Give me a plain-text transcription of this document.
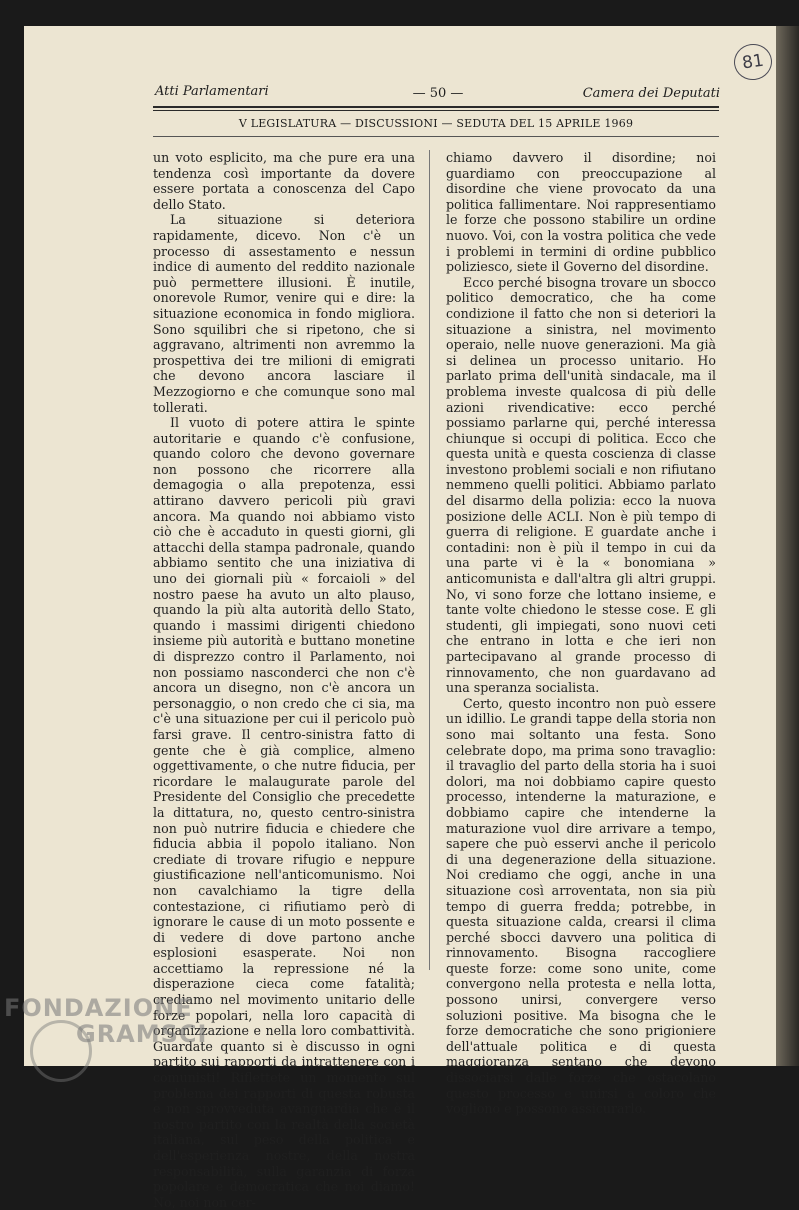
81
Atti Parlamentari	— 50 —	Camera dei Deputati
V LEGISLATURA — DISCUSSIONI — SEDUTA DEL 15 APRILE 1969

un voto esplicito, ma che pure era una tendenza così importante da dovere essere portata a conoscenza del Capo dello Stato.

La situazione si deteriora rapidamente, dicevo. Non c'è un processo di assestamento e nessun indice di aumento del reddito nazionale può permettere illusioni. È inutile, onorevole Rumor, venire qui e dire: la situazione economica in fondo migliora. Sono squilibri che si ripetono, che si aggravano, altrimenti non avremmo la prospettiva dei tre milioni di emigrati che devono ancora lasciare il Mezzogiorno e che comunque sono mal tollerati.

Il vuoto di potere attira le spinte autoritarie e quando c'è confusione, quando coloro che devono governare non possono che ricorrere alla demagogia o alla prepotenza, essi attirano davvero pericoli più gravi ancora. Ma quando noi abbiamo visto ciò che è accaduto in questi giorni, gli attacchi della stampa padronale, quando abbiamo sentito che una iniziativa di uno dei giornali più « forcaioli » del nostro paese ha avuto un alto plauso, quando la più alta autorità dello Stato, quando i massimi dirigenti chiedono insieme più autorità e buttano monetine di disprezzo contro il Parlamento, noi non possiamo nasconderci che non c'è ancora un disegno, non c'è ancora un personaggio, o non credo che ci sia, ma c'è una situazione per cui il pericolo può farsi grave. Il centro-sinistra fatto di gente che è già complice, almeno oggettivamente, o che nutre fiducia, per ricordare le malaugurate parole del Presidente del Consiglio che precedette la dittatura, no, questo centro-sinistra non può nutrire fiducia e chiedere che fiducia abbia il popolo italiano. Non crediate di trovare rifugio e neppure giustificazione nell'anticomunismo. Noi non cavalchiamo la tigre della contestazione, ci rifiutiamo però di ignorare le cause di un moto possente e di vedere di dove partono anche esplosioni esasperate. Noi non accettiamo la repressione né la disperazione cieca come fatalità; crediamo nel movimento unitario delle forze popolari, nella loro capacità di organizzazione e nella loro combattività. Guardate quanto si è discusso in ogni partito sui rapporti da intrattenere con i comunisti! Riflettete un momento sul problema dei rapporti di questa robusta e non sprovveduta avanguardia che è il nostro partito con la realtà della società italiana, sul peso della politica e dell'esperienza nostre, della nostra responsabilità, sulla garanzia di forza popolare e democratica che noi diamo! No, noi non cer-

chiamo davvero il disordine; noi guardiamo con preoccupazione al disordine che viene provocato da una politica fallimentare. Noi rappresentiamo le forze che possono stabilire un ordine nuovo. Voi, con la vostra politica che vede i problemi in termini di ordine pubblico poliziesco, siete il Governo del disordine.

Ecco perché bisogna trovare un sbocco politico democratico, che ha come condizione il fatto che non si deteriori la situazione a sinistra, nel movimento operaio, nelle nuove generazioni. Ma già si delinea un processo unitario. Ho parlato prima dell'unità sindacale, ma il problema investe qualcosa di più delle azioni rivendicative: ecco perché possiamo parlarne qui, perché interessa chiunque si occupi di politica. Ecco che questa unità e questa coscienza di classe investono problemi sociali e non rifiutano nemmeno quelli politici. Abbiamo parlato del disarmo della polizia: ecco la nuova posizione delle ACLI. Non è più tempo di guerra di religione. E guardate anche i contadini: non è più il tempo in cui da una parte vi è la « bonomiana » anticomunista e dall'altra gli altri gruppi. No, vi sono forze che lottano insieme, e tante volte chiedono le stesse cose. E gli studenti, gli impiegati, sono nuovi ceti che entrano in lotta e che ieri non partecipavano al grande processo di rinnovamento, che non guardavano ad una speranza socialista.

Certo, questo incontro non può essere un idillio. Le grandi tappe della storia non sono mai soltanto una festa. Sono celebrate dopo, ma prima sono travaglio: il travaglio del parto della storia ha i suoi dolori, ma noi dobbiamo capire questo processo, intenderne la maturazione, e dobbiamo capire che intenderne la maturazione vuol dire arrivare a tempo, sapere che può esservi anche il pericolo di una degenerazione della situazione. Noi crediamo che oggi, anche in una situazione così arroventata, non sia più tempo di guerra fredda; potrebbe, in questa situazione calda, crearsi il clima perché sbocci davvero una politica di rinnovamento. Bisogna raccogliere queste forze: come sono unite, come convergono nella protesta e nella lotta, possono unirsi, convergere verso soluzioni positive. Ma bisogna che le forze democratiche che sono prigioniere dell'attuale politica e di questa maggioranza sentano che devono dissociarsi dalle forze che ostacolano questo processo e unirsi a coloro che vogliono e possono assicurarlo.

FONDAZIONE
GRAMSCI
